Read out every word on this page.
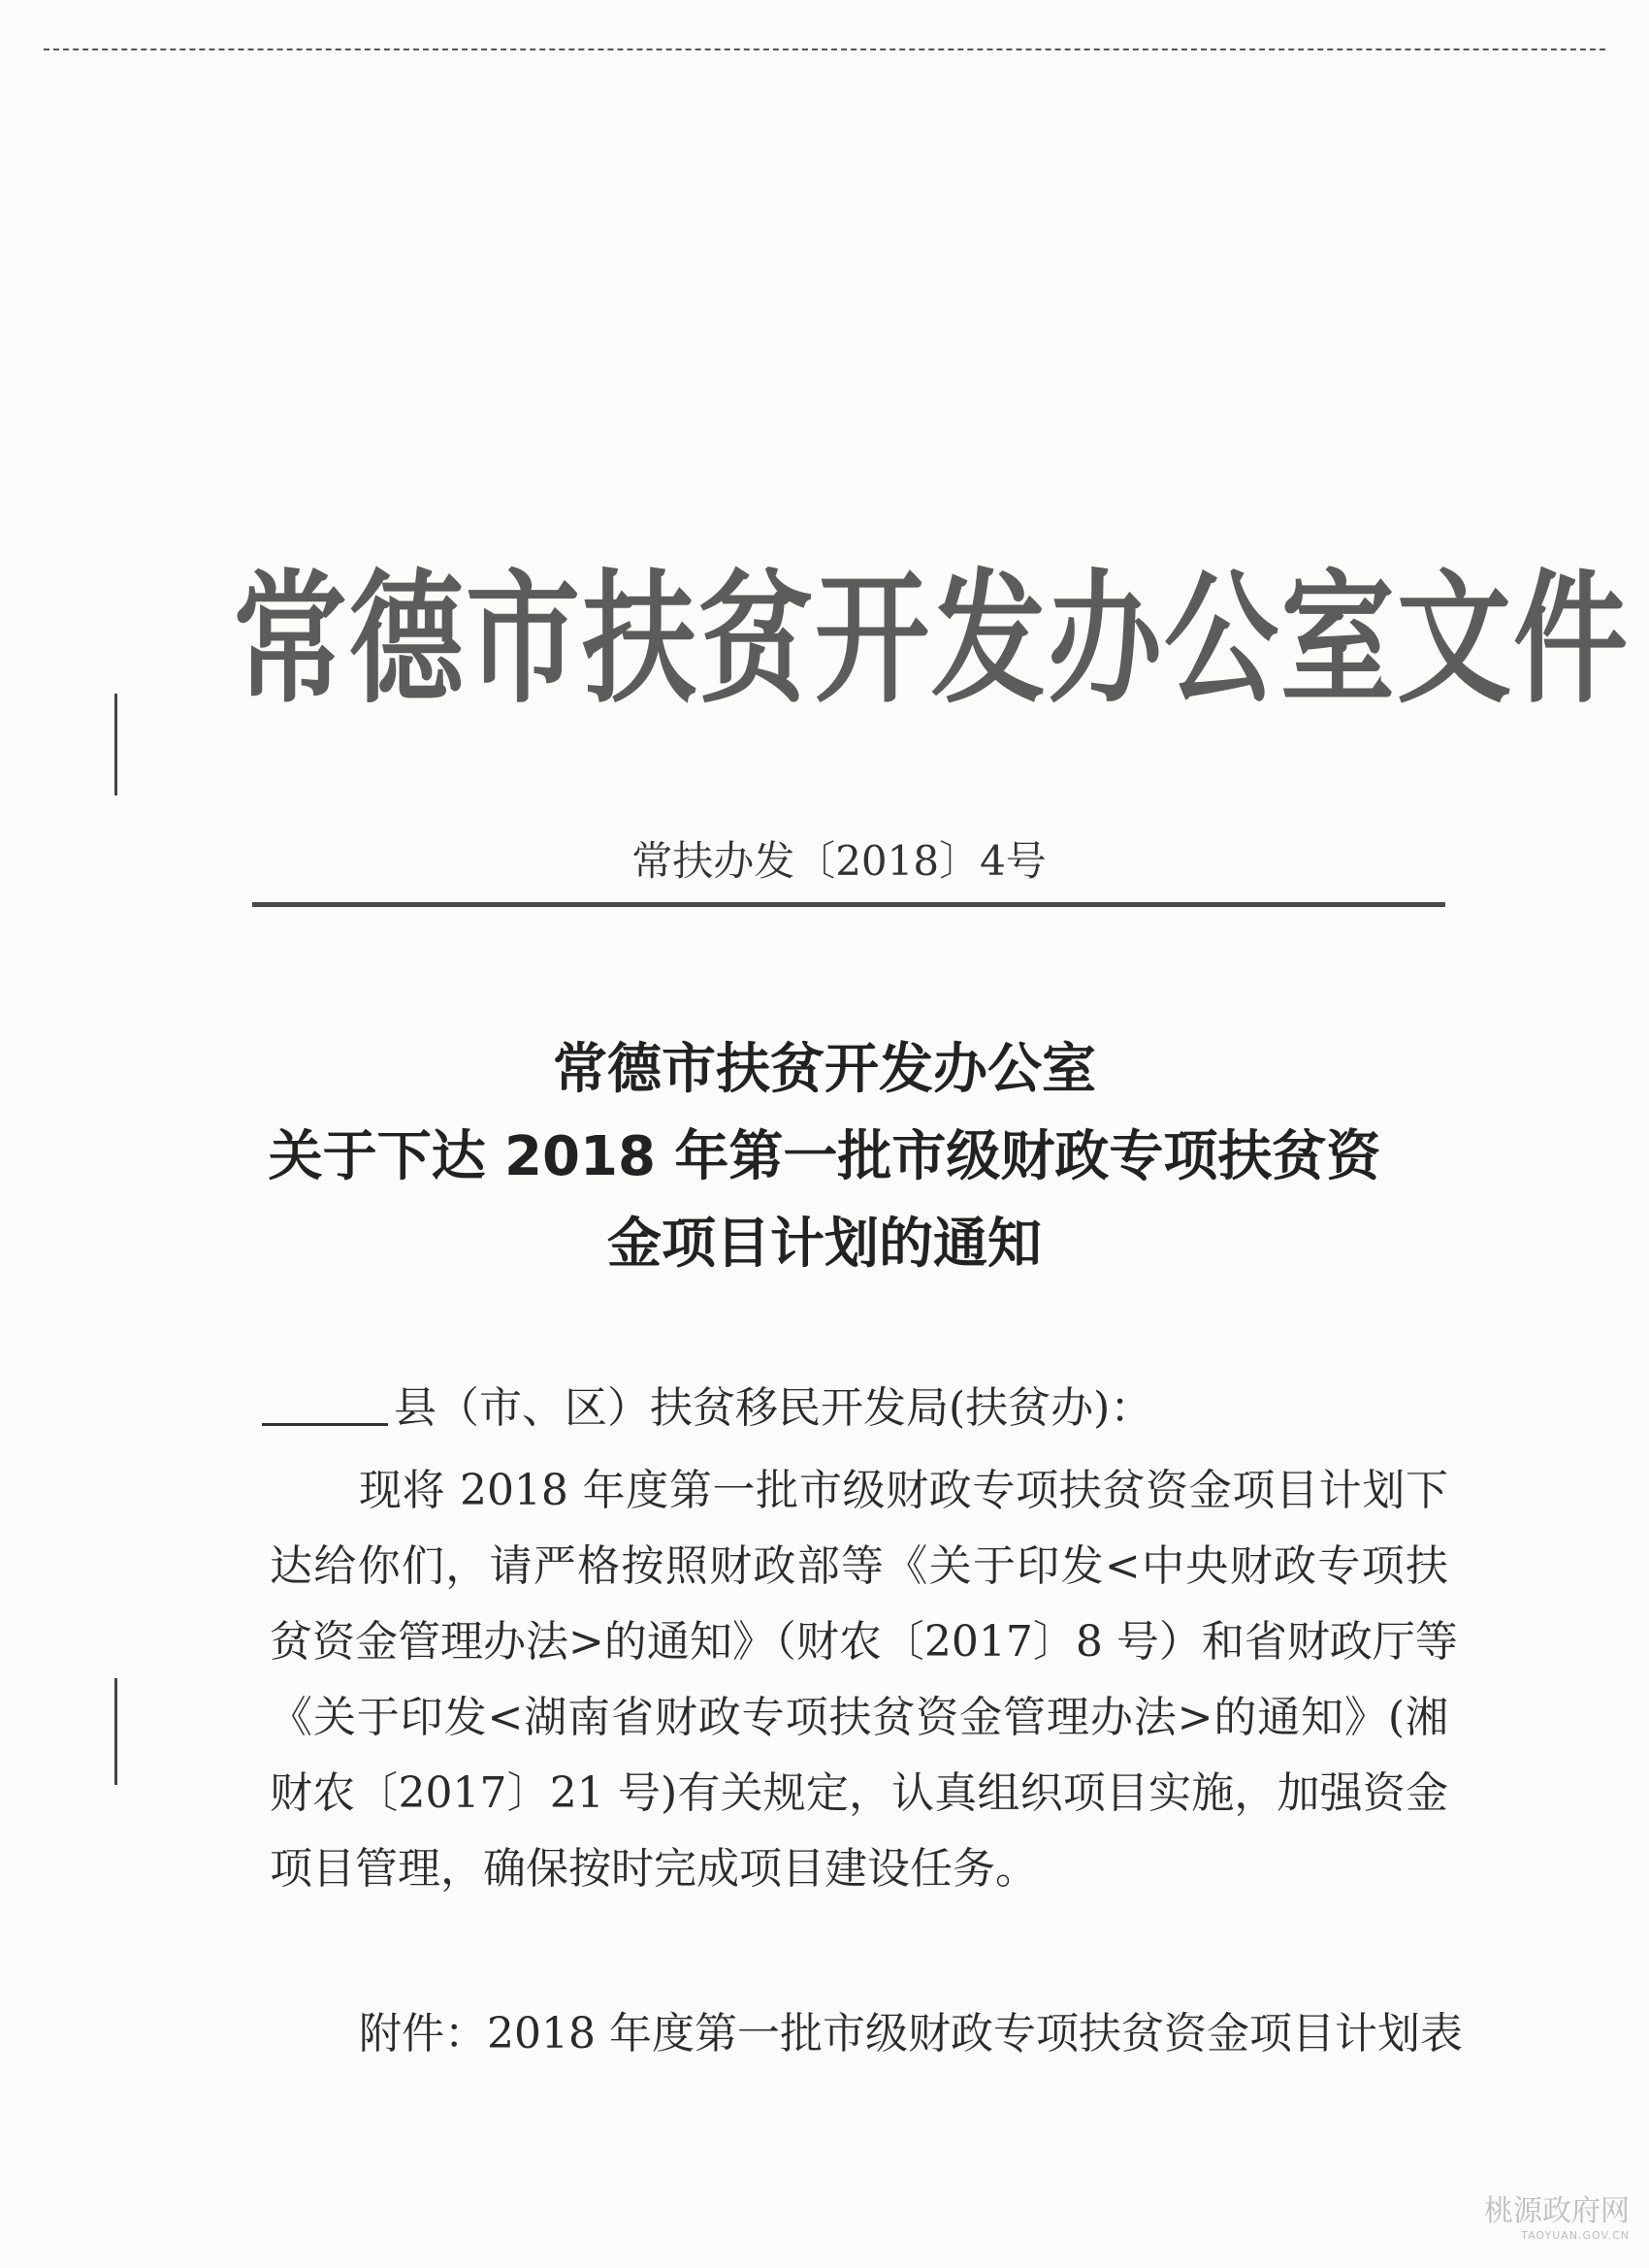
常德市扶贫开发办公室文件
常扶办发〔2018〕4号
常德市扶贫开发办公室
关于下达 2018 年第一批市级财政专项扶贫资
金项目计划的通知
县（市、区）扶贫移民开发局(扶贫办)：
现将 2018 年度第一批市级财政专项扶贫资金项目计划下
达给你们，请严格按照财政部等《关于印发<中央财政专项扶
贫资金管理办法>的通知》（财农〔2017〕8 号）和省财政厅等
《关于印发<湖南省财政专项扶贫资金管理办法>的通知》(湘
财农〔2017〕21 号)有关规定，认真组织项目实施，加强资金
项目管理，确保按时完成项目建设任务。
附件：2018 年度第一批市级财政专项扶贫资金项目计划表
桃源政府网
TAOYUAN.GOV.CN
